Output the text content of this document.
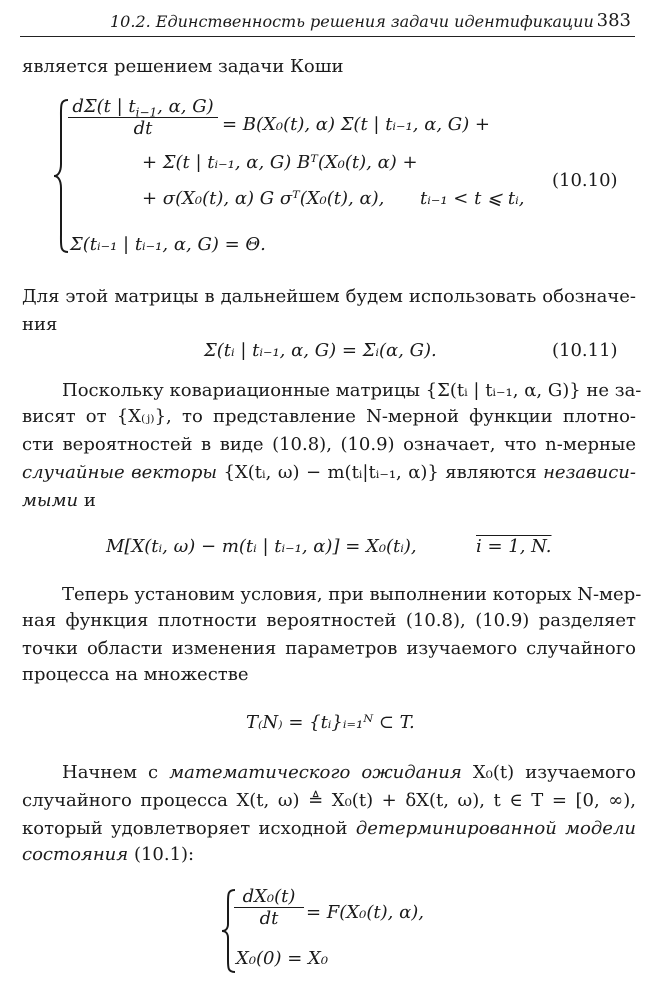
10.2. Единственность решения задачи идентификации 383
является решением задачи Коши
$\frac{d\Sigma(t | t_{i-1}, \alpha, G)}{dt} = B(X_0(t)$, α) Σ(t | tᵢ₋₁, α, G) +
+ Σ(t | tᵢ₋₁, α, G) Bᵀ(X₀(t), α) +
+ σ(X₀(t), α) G σᵀ(X₀(t), α), tᵢ₋₁ < t ⩽ tᵢ,
Σ(tᵢ₋₁ | tᵢ₋₁, α, G) = Θ.
(10.10)
Для этой матрицы в дальнейшем будем использовать обозначе-
ния
Σ(tᵢ | tᵢ₋₁, α, G) = Σᵢ(α, G).	(10.11)
Поскольку ковариационные матрицы {Σ(tᵢ | tᵢ₋₁, α, G)} не за-
висят от {X₍ⱼ₎}, то представление N-мерной функции плотно-
сти вероятностей в виде (10.8), (10.9) означает, что n-мерные
случайные векторы {X(tᵢ, ω) − m(tᵢ|tᵢ₋₁, α)} являются независи-
мыми и
M[X(tᵢ, ω) − m(tᵢ | tᵢ₋₁, α)] = X₀(tᵢ),	i = 1, N.
Теперь установим условия, при выполнении которых N-мер-
ная функция плотности вероятностей (10.8), (10.9) разделяет
точки области изменения параметров изучаемого случайного
процесса на множестве
T₍N₎ = {tᵢ}ᵢ₌₁ᴺ ⊂ T.
Начнем с математического ожидания X₀(t) изучаемого
случайного процесса X(t, ω) ≜ X₀(t) + δX(t, ω), t ∈ T = [0, ∞),
который удовлетворяет исходной детерминированной модели
состояния (10.1):
$\frac{\text{dX₀(t)}}{dt} = F(X_0(t)$, α),
X₀(0) = X₀
